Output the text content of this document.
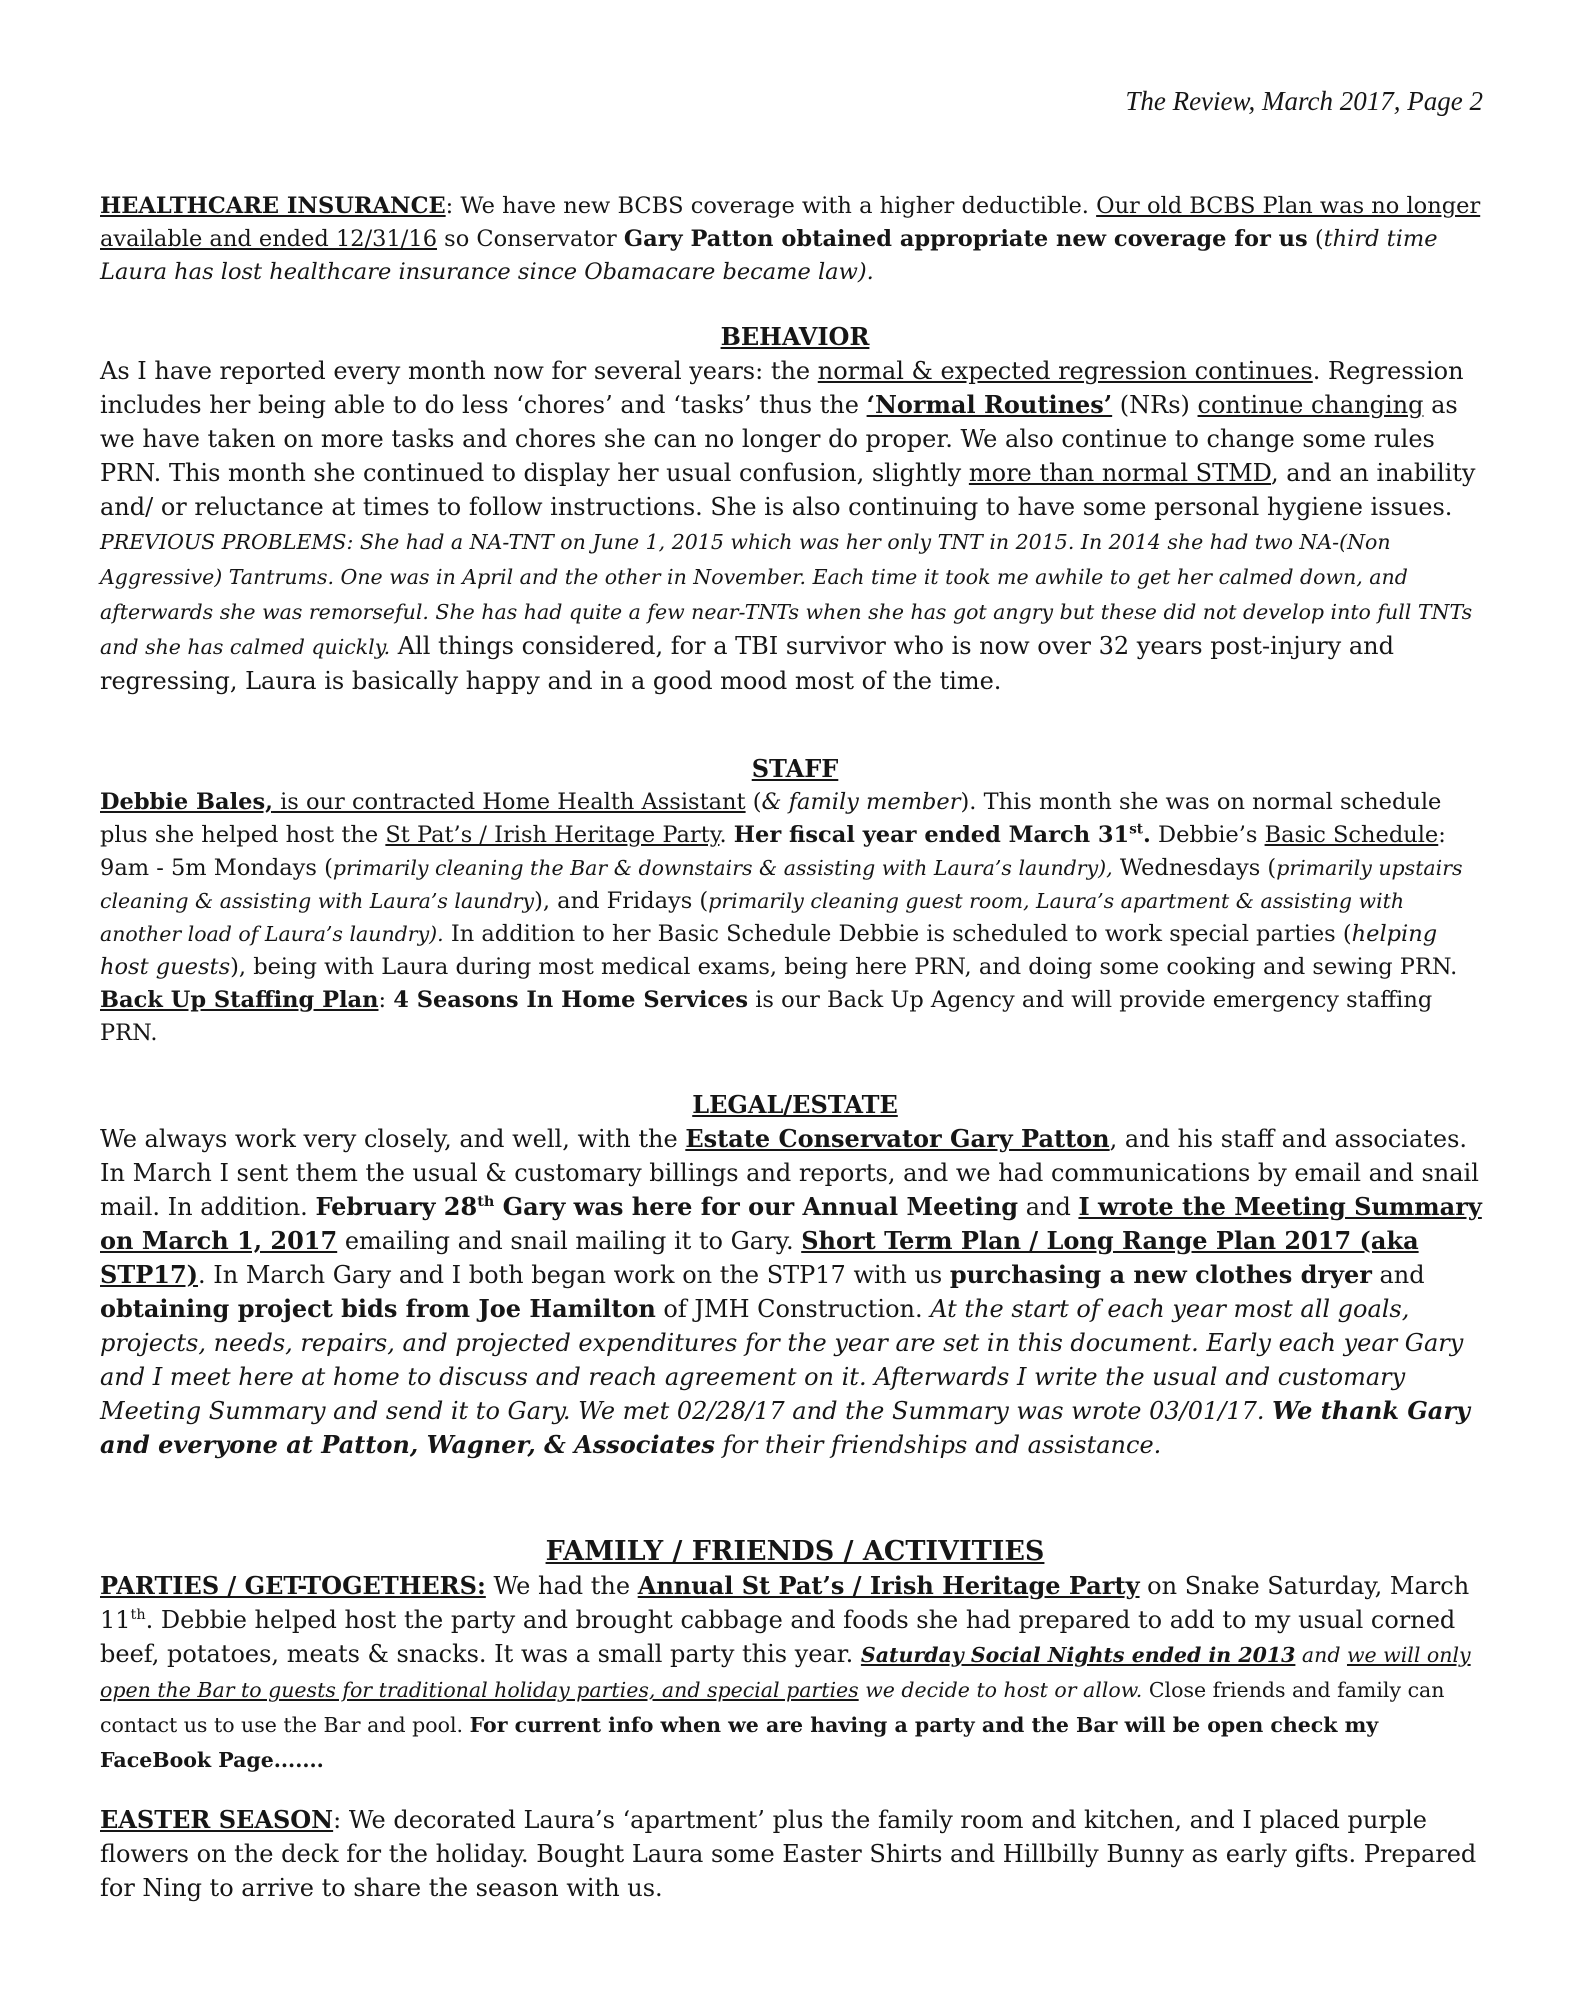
The Review, March 2017, Page 2

HEALTHCARE INSURANCE: We have new BCBS coverage with a higher deductible. Our old BCBS Plan was no longer available and ended 12/31/16 so Conservator Gary Patton obtained appropriate new coverage for us (third time Laura has lost healthcare insurance since Obamacare became law).

BEHAVIOR

As I have reported every month now for several years: the normal & expected regression continues. Regression includes her being able to do less ‘chores’ and ‘tasks’ thus the ‘Normal Routines’ (NRs) continue changing as we have taken on more tasks and chores she can no longer do proper. We also continue to change some rules PRN. This month she continued to display her usual confusion, slightly more than normal STMD, and an inability and/ or reluctance at times to follow instructions. She is also continuing to have some personal hygiene issues. PREVIOUS PROBLEMS: She had a NA-TNT on June 1, 2015 which was her only TNT in 2015. In 2014 she had two NA-(Non Aggressive) Tantrums. One was in April and the other in November. Each time it took me awhile to get her calmed down, and afterwards she was remorseful. She has had quite a few near-TNTs when she has got angry but these did not develop into full TNTs and she has calmed quickly. All things considered, for a TBI survivor who is now over 32 years post-injury and regressing, Laura is basically happy and in a good mood most of the time.

STAFF

Debbie Bales, is our contracted Home Health Assistant (& family member). This month she was on normal schedule plus she helped host the St Pat’s / Irish Heritage Party. Her fiscal year ended March 31st. Debbie’s Basic Schedule: 9am - 5m Mondays (primarily cleaning the Bar & downstairs & assisting with Laura’s laundry), Wednesdays (primarily upstairs cleaning & assisting with Laura’s laundry), and Fridays (primarily cleaning guest room, Laura’s apartment & assisting with another load of Laura’s laundry). In addition to her Basic Schedule Debbie is scheduled to work special parties (helping host guests), being with Laura during most medical exams, being here PRN, and doing some cooking and sewing PRN. Back Up Staffing Plan: 4 Seasons In Home Services is our Back Up Agency and will provide emergency staffing PRN.

LEGAL/ESTATE

We always work very closely, and well, with the Estate Conservator Gary Patton, and his staff and associates. In March I sent them the usual & customary billings and reports, and we had communications by email and snail mail. In addition. February 28th Gary was here for our Annual Meeting and I wrote the Meeting Summary on March 1, 2017 emailing and snail mailing it to Gary. Short Term Plan / Long Range Plan 2017 (aka STP17). In March Gary and I both began work on the STP17 with us purchasing a new clothes dryer and obtaining project bids from Joe Hamilton of JMH Construction. At the start of each year most all goals, projects, needs, repairs, and projected expenditures for the year are set in this document. Early each year Gary and I meet here at home to discuss and reach agreement on it. Afterwards I write the usual and customary Meeting Summary and send it to Gary. We met 02/28/17 and the Summary was wrote 03/01/17. We thank Gary and everyone at Patton, Wagner, & Associates for their friendships and assistance.

FAMILY / FRIENDS / ACTIVITIES

PARTIES / GET-TOGETHERS: We had the Annual St Pat’s / Irish Heritage Party on Snake Saturday, March 11th. Debbie helped host the party and brought cabbage and foods she had prepared to add to my usual corned beef, potatoes, meats & snacks. It was a small party this year. Saturday Social Nights ended in 2013 and we will only open the Bar to guests for traditional holiday parties, and special parties we decide to host or allow. Close friends and family can contact us to use the Bar and pool. For current info when we are having a party and the Bar will be open check my FaceBook Page.......

EASTER SEASON: We decorated Laura’s ‘apartment’ plus the family room and kitchen, and I placed purple flowers on the deck for the holiday. Bought Laura some Easter Shirts and Hillbilly Bunny as early gifts. Prepared for Ning to arrive to share the season with us.
